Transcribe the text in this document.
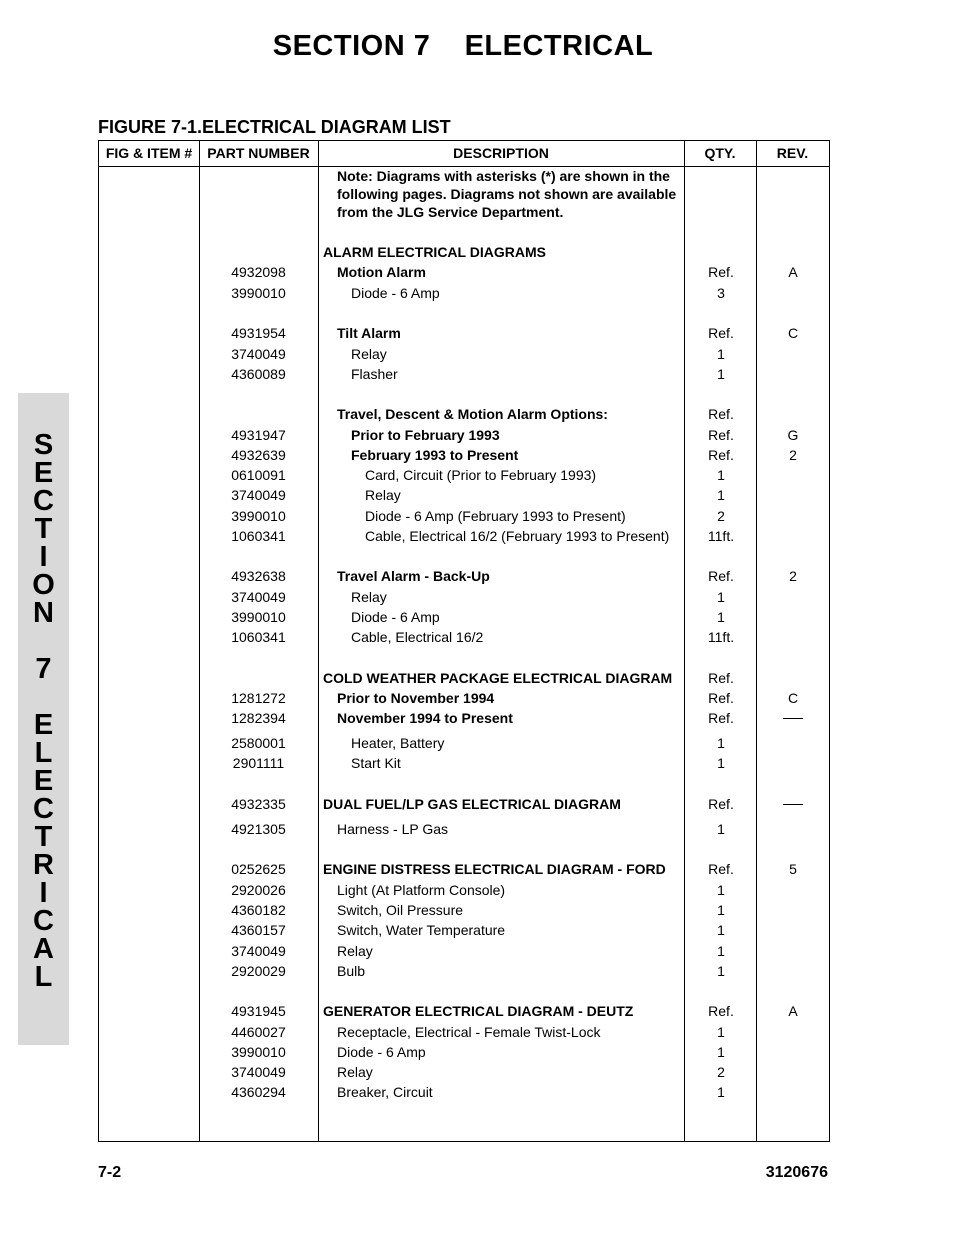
SECTION 7    ELECTRICAL
FIGURE 7-1.ELECTRICAL DIAGRAM LIST
FIG & ITEM #	PART NUMBER	DESCRIPTION	QTY.	REV.
Note: Diagrams with asterisks (*) are shown in the following pages. Diagrams not shown are available from the JLG Service Department.
ALARM ELECTRICAL DIAGRAMS
4932098	Motion Alarm	Ref.	A
3990010	Diode - 6 Amp	3
4931954	Tilt Alarm	Ref.	C
3740049	Relay	1
4360089	Flasher	1
Travel, Descent & Motion Alarm Options:	Ref.
4931947	Prior to February 1993	Ref.	G
4932639	February 1993 to Present	Ref.	2
0610091	Card, Circuit (Prior to February 1993)	1
3740049	Relay	1
3990010	Diode - 6 Amp (February 1993 to Present)	2
1060341	Cable, Electrical 16/2 (February 1993 to Present)	11ft.
4932638	Travel Alarm - Back-Up	Ref.	2
3740049	Relay	1
3990010	Diode - 6 Amp	1
1060341	Cable, Electrical 16/2	11ft.
COLD WEATHER PACKAGE ELECTRICAL DIAGRAM	Ref.
1281272	Prior to November 1994	Ref.	C
1282394	November 1994 to Present	Ref.
2580001	Heater, Battery	1
2901111	Start Kit	1
4932335	DUAL FUEL/LP GAS ELECTRICAL DIAGRAM	Ref.
4921305	Harness - LP Gas	1
0252625	ENGINE DISTRESS ELECTRICAL DIAGRAM - FORD	Ref.	5
2920026	Light (At Platform Console)	1
4360182	Switch, Oil Pressure	1
4360157	Switch, Water Temperature	1
3740049	Relay	1
2920029	Bulb	1
4931945	GENERATOR ELECTRICAL DIAGRAM - DEUTZ	Ref.	A
4460027	Receptacle, Electrical - Female Twist-Lock	1
3990010	Diode - 6 Amp	1
3740049	Relay	2
4360294	Breaker, Circuit	1
S
E
C
T
I
O
N
7
E
L
E
C
T
R
I
C
A
L
7-2	3120676
